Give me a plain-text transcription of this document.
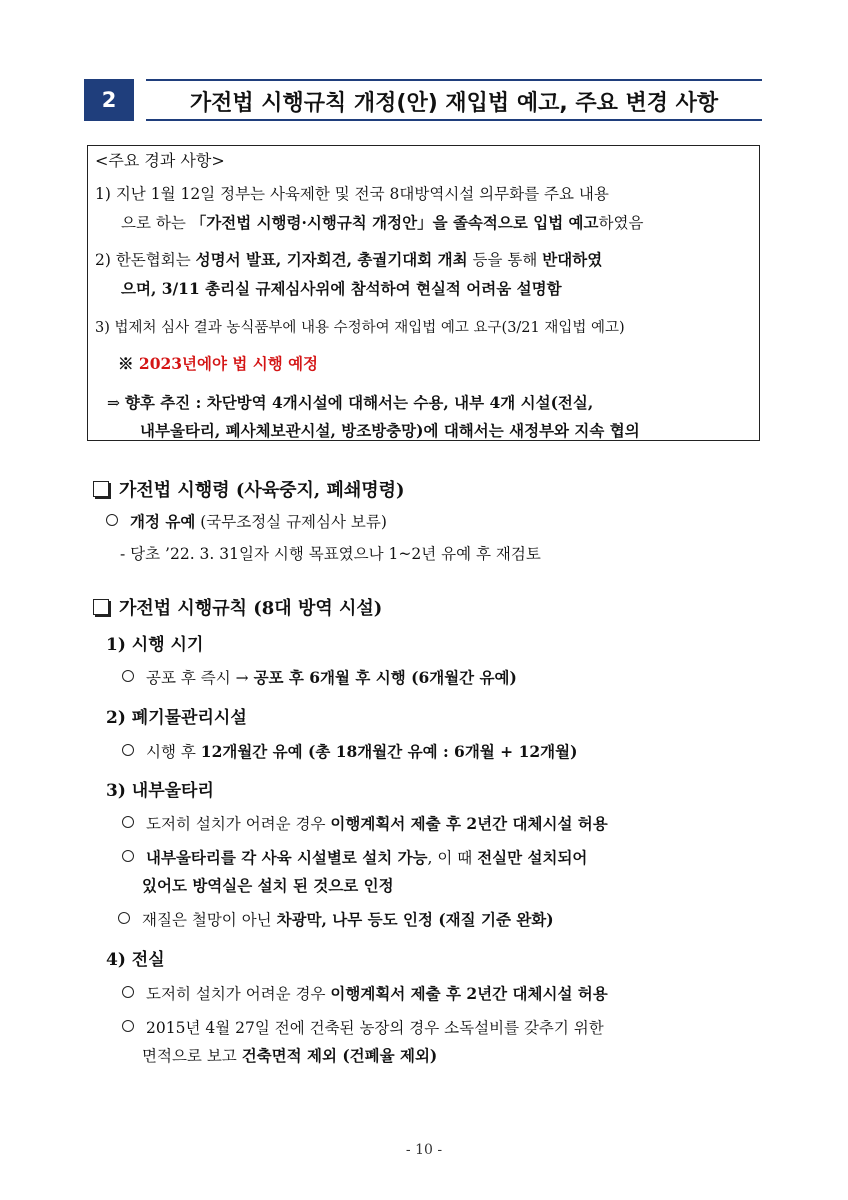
2	가전법 시행규칙 개정(안) 재입법 예고, 주요 변경 사항
<주요 경과 사항>
1) 지난 1월 12일 정부는 사육제한 및 전국 8대방역시설 의무화를 주요 내용
으로 하는 「가전법 시행령·시행규칙 개정안」을 졸속적으로 입법 예고하였음
2) 한돈협회는 성명서 발표, 기자회견, 총궐기대회 개최 등을 통해 반대하였
으며, 3/11 총리실 규제심사위에 참석하여 현실적 어려움 설명함
3) 법제처 심사 결과 농식품부에 내용 수정하여 재입법 예고 요구(3/21 재입법 예고)
※ 2023년에야 법 시행 예정
⇒ 향후 추진 : 차단방역 4개시설에 대해서는 수용, 내부 4개 시설(전실,
내부울타리, 폐사체보관시설, 방조방충망)에 대해서는 새정부와 지속 협의
가전법 시행령 (사육중지, 폐쇄명령)
개정 유예 (국무조정실 규제심사 보류)
- 당초 ’22. 3. 31일자 시행 목표였으나 1~2년 유예 후 재검토
가전법 시행규칙 (8대 방역 시설)
1) 시행 시기
공포 후 즉시 → 공포 후 6개월 후 시행 (6개월간 유예)
2) 폐기물관리시설
시행 후 12개월간 유예 (총 18개월간 유예 : 6개월 + 12개월)
3) 내부울타리
도저히 설치가 어려운 경우 이행계획서 제출 후 2년간 대체시설 허용
내부울타리를 각 사육 시설별로 설치 가능, 이 때 전실만 설치되어
있어도 방역실은 설치 된 것으로 인정
재질은 철망이 아닌 차광막, 나무 등도 인정 (재질 기준 완화)
4) 전실
도저히 설치가 어려운 경우 이행계획서 제출 후 2년간 대체시설 허용
2015년 4월 27일 전에 건축된 농장의 경우 소독설비를 갖추기 위한
면적으로 보고 건축면적 제외 (건폐율 제외)
- 10 -
